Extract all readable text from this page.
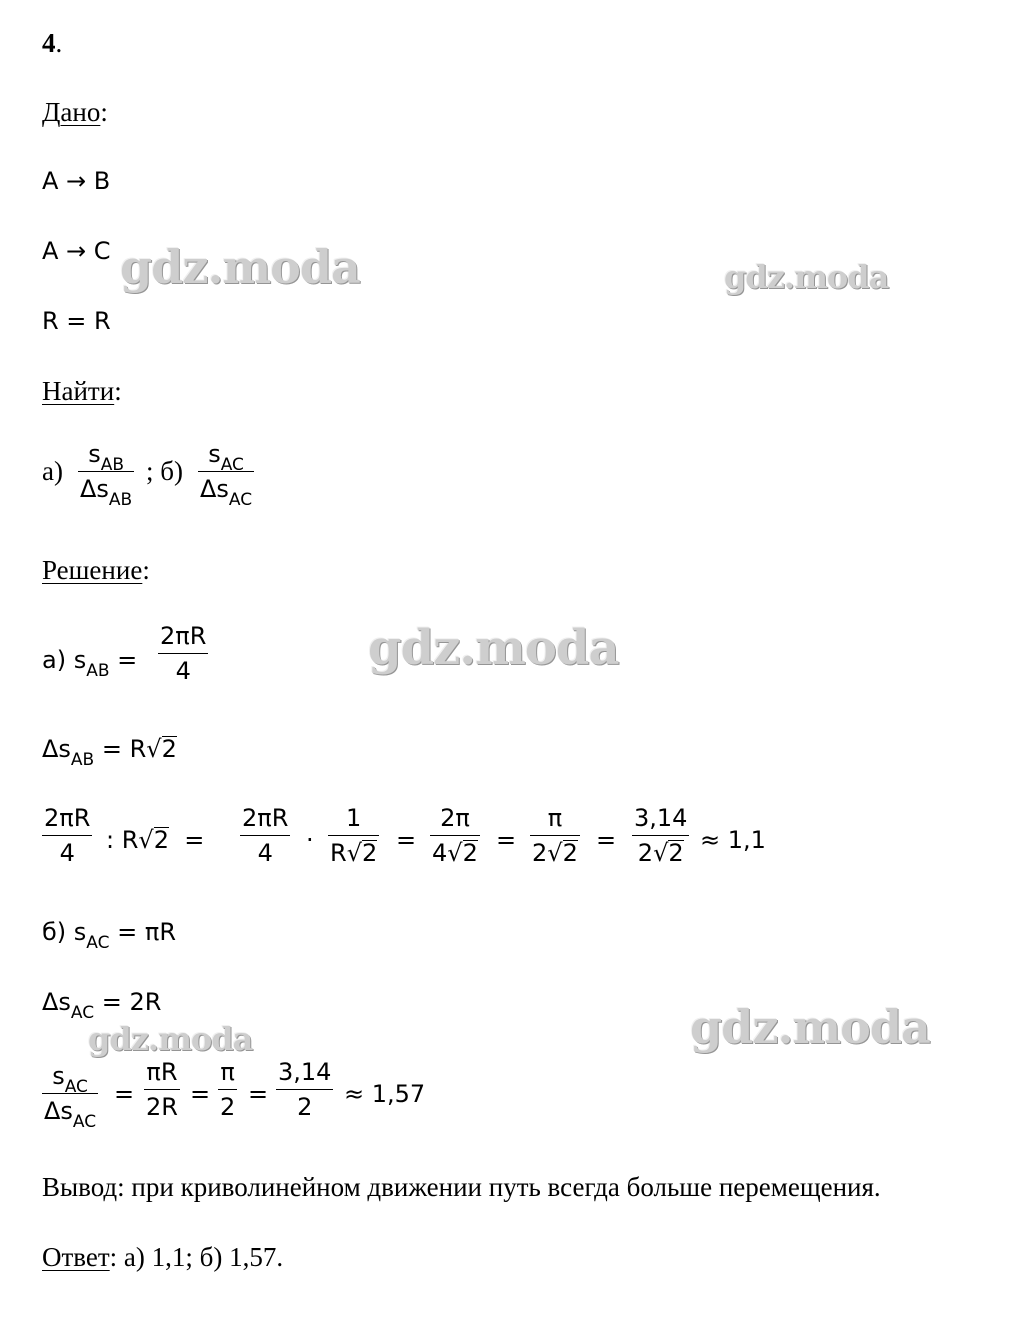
4.
Дано:
A → B
A → C
R = R
Найти:
а)
$s_{AB}$
$\Delta s_{AB}$
; б)
$s_{AC}$
$\Delta s_{AC}$
Решение:
а) $s_{AB}$ =
2πR
4
$\Delta s_{AB} = R√2$
2πR
4 : R√2 =
2πR
4 ·
1
R√2 =
2π
4√2 =
π
2√2 =
3,14
2√2 ≈ 1,1
б) $s_{AC} = \pi R$
$\Delta s_{AC} = 2R$
$s_{AC}$
$\Delta s_{AC}$
=
πR
2R =
π
2 =
3,14
2 ≈ 1,57
Вывод: при криволинейном движении путь всегда больше перемещения.
Ответ: а) 1,1; б) 1,57.
gdz.moda	gdz.moda
gdz.moda
gdz.moda
gdz.moda
